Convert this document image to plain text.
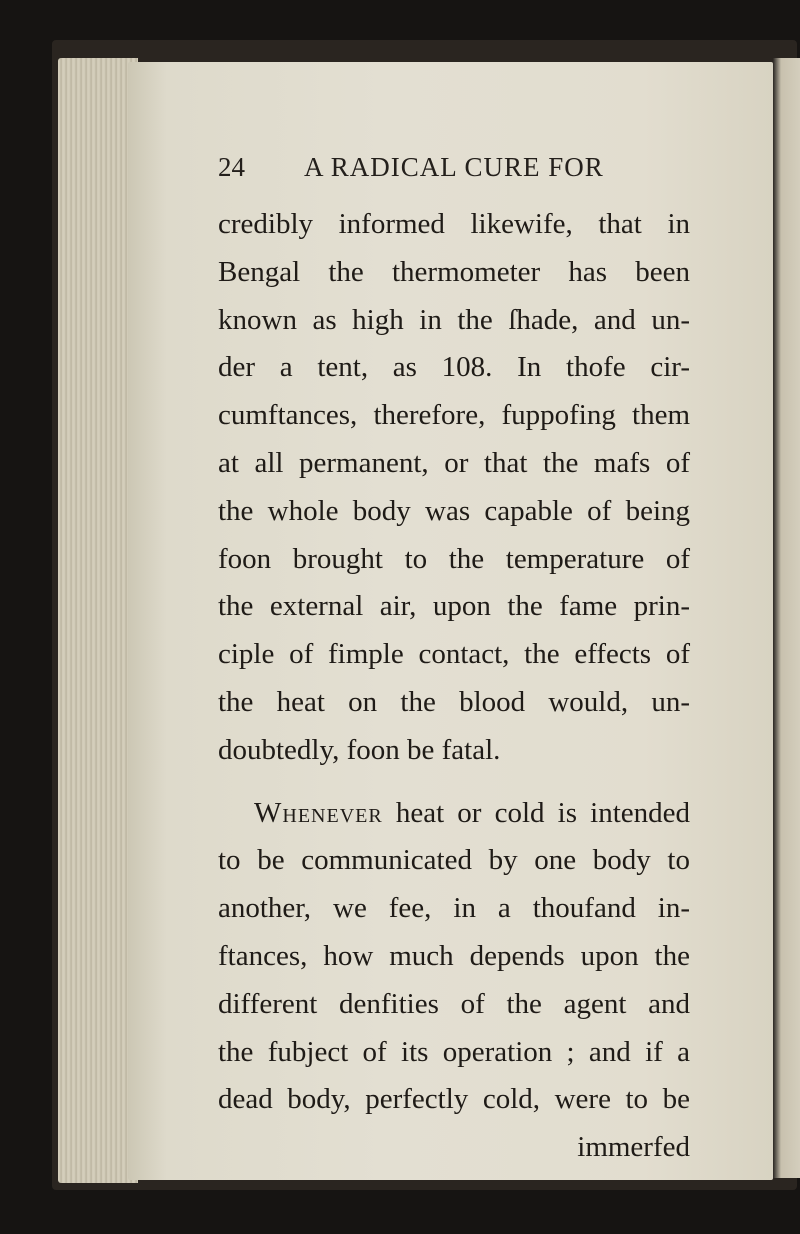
24 A RADICAL CURE FOR
credibly informed likewife, that in
Bengal the thermometer has been
known as high in the ſhade, and un-
der a tent, as 108. In thofe cir-
cumftances, therefore, fuppofing them
at all permanent, or that the mafs of
the whole body was capable of being
foon brought to the temperature of
the external air, upon the fame prin-
ciple of fimple contact, the effects of
the heat on the blood would, un-
doubtedly, foon be fatal.
Whenever heat or cold is intended
to be communicated by one body to
another, we fee, in a thoufand in-
ftances, how much depends upon the
different denfities of the agent and
the fubject of its operation ; and if a
dead body, perfectly cold, were to be
immerfed
